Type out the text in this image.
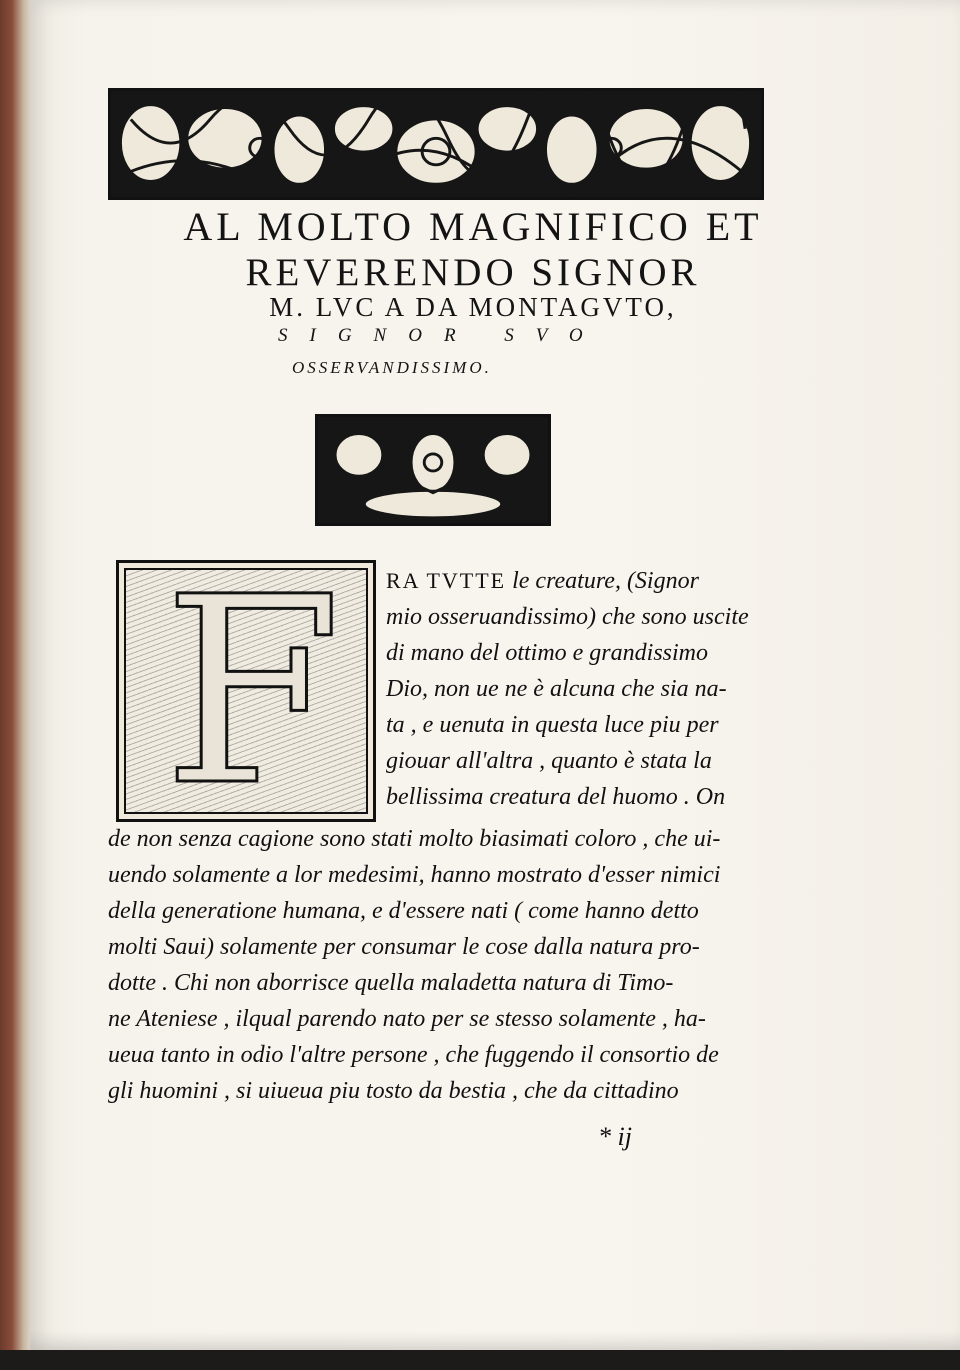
AL MOLTO MAGNIFICO ET
REVERENDO SIGNOR
M. LVC A DA MONTAGVTO,
SIGNOR SVO
OSSERVANDISSIMO.
F RA TVTTE le creature, (Signor
mio osseruandissimo) che sono uscite
di mano del ottimo e grandissimo
Dio, non ue ne è alcuna che sia na-
ta , e uenuta in questa luce piu per
giouar all'altra , quanto è stata la
bellissima creatura del huomo . On
de non senza cagione sono stati molto biasimati coloro , che ui-
uendo solamente a lor medesimi, hanno mostrato d'esser nimici
della generatione humana, e d'essere nati ( come hanno detto
molti Saui) solamente per consumar le cose dalla natura pro-
dotte . Chi non aborrisce quella maladetta natura di Timo-
ne Ateniese , ilqual parendo nato per se stesso solamente , ha-
ueua tanto in odio l'altre persone , che fuggendo il consortio de
gli huomini , si uiueua piu tosto da bestia , che da cittadino
* ij
